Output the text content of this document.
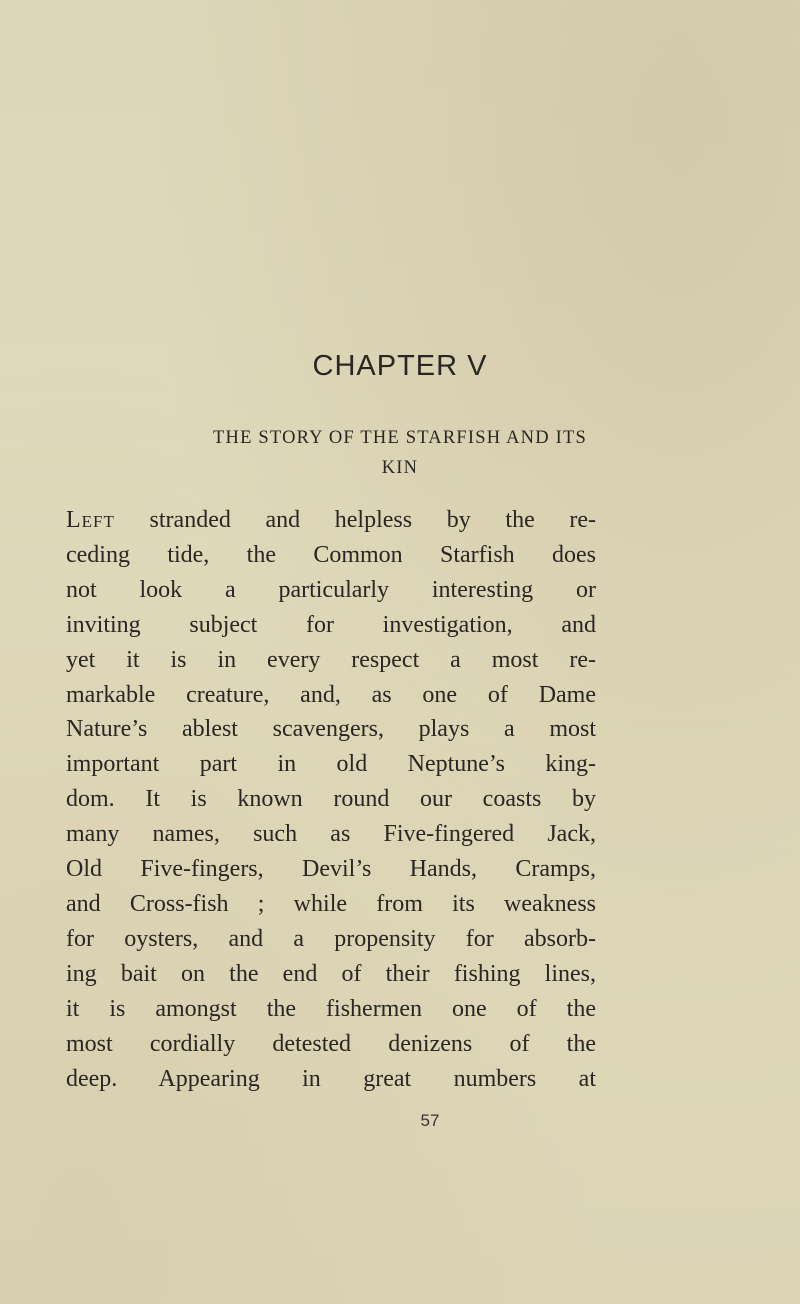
CHAPTER V
THE STORY OF THE STARFISH AND ITS
KIN
Left stranded and helpless by the re-
ceding tide, the Common Starfish does
not look a particularly interesting or
inviting subject for investigation, and
yet it is in every respect a most re-
markable creature, and, as one of Dame
Nature’s ablest scavengers, plays a most
important part in old Neptune’s king-
dom. It is known round our coasts by
many names, such as Five-fingered Jack,
Old Five-fingers, Devil’s Hands, Cramps,
and Cross-fish ; while from its weakness
for oysters, and a propensity for absorb-
ing bait on the end of their fishing lines,
it is amongst the fishermen one of the
most cordially detested denizens of the
deep. Appearing in great numbers at
57
